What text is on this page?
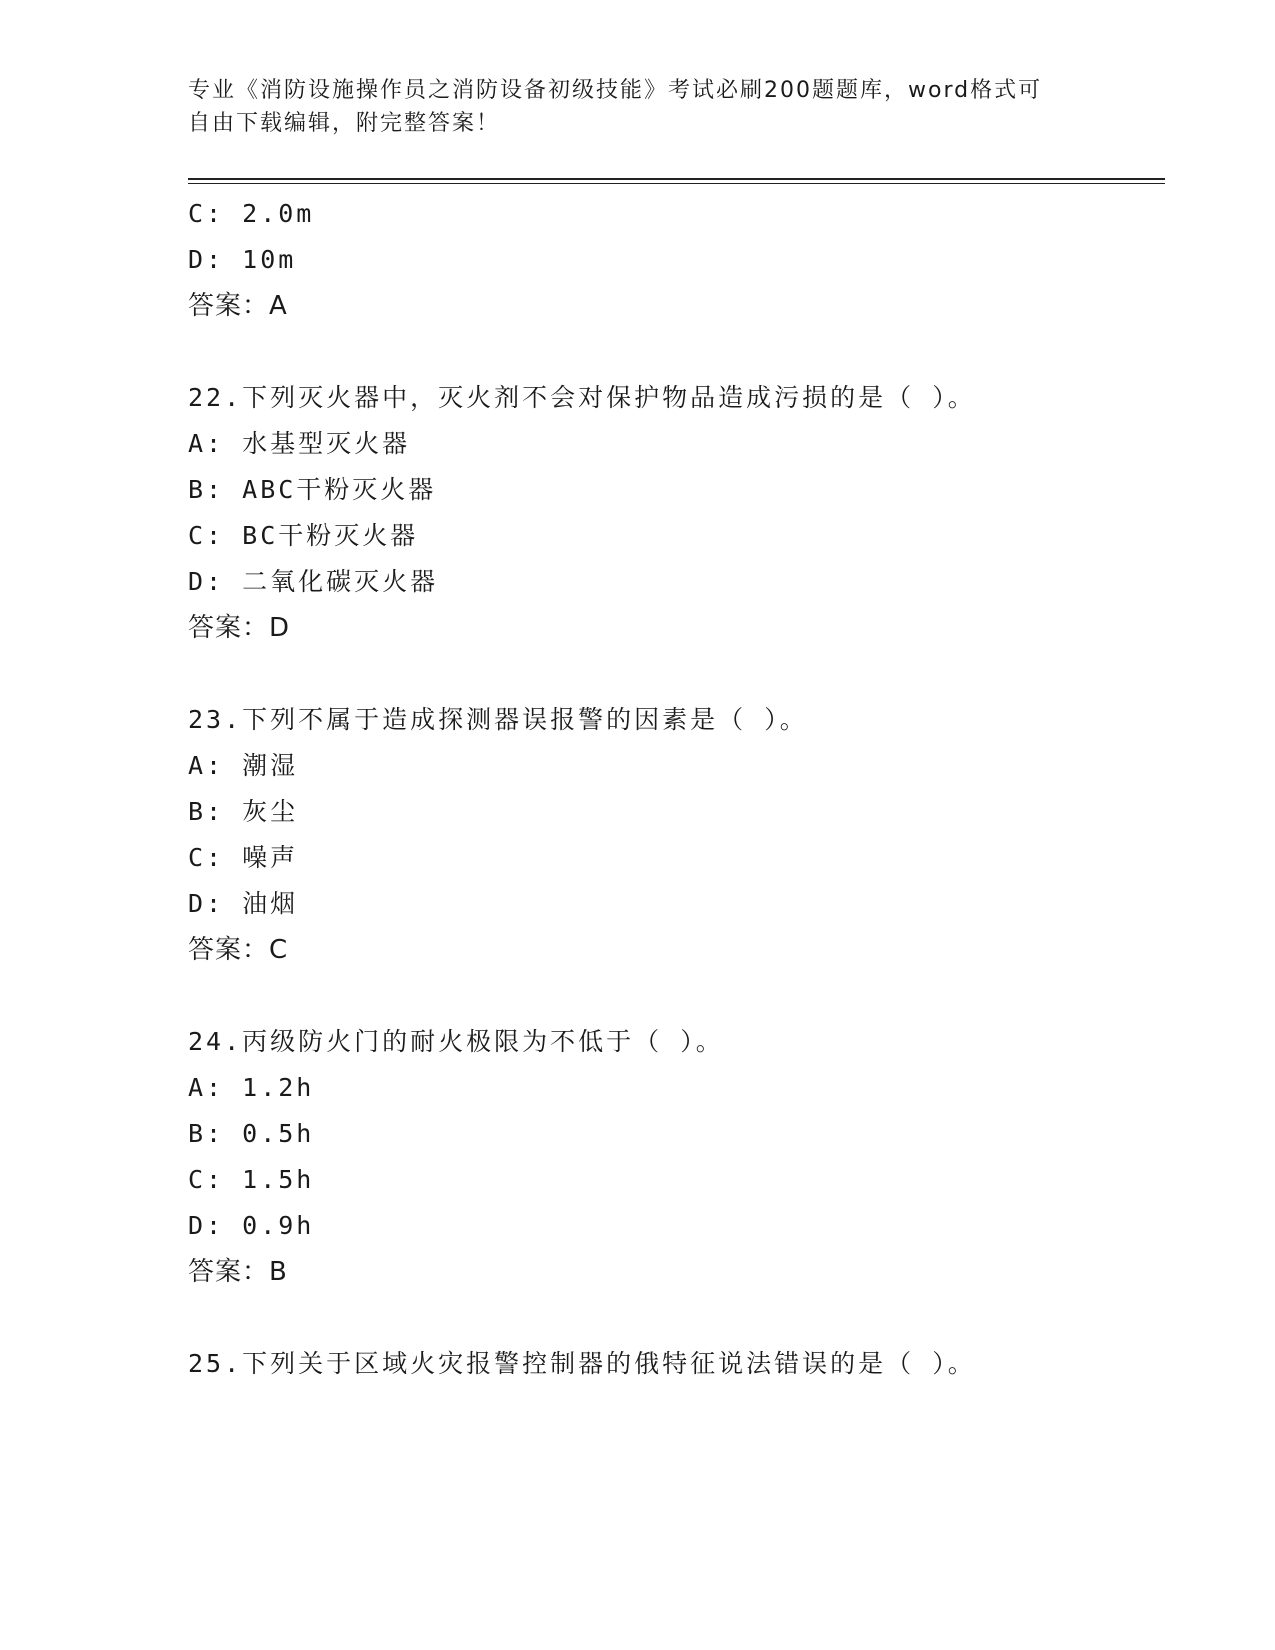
专业《消防设施操作员之消防设备初级技能》考试必刷200题题库，word格式可
自由下载编辑，附完整答案！
C: 2.0m
D: 10m
答案：A
22.下列灭火器中，灭火剂不会对保护物品造成污损的是（ ）。
A: 水基型灭火器
B: ABC干粉灭火器
C: BC干粉灭火器
D: 二氧化碳灭火器
答案：D
23.下列不属于造成探测器误报警的因素是（ ）。
A: 潮湿
B: 灰尘
C: 噪声
D: 油烟
答案：C
24.丙级防火门的耐火极限为不低于（ ）。
A: 1.2h
B: 0.5h
C: 1.5h
D: 0.9h
答案：B
25.下列关于区域火灾报警控制器的俄特征说法错误的是（ ）。
